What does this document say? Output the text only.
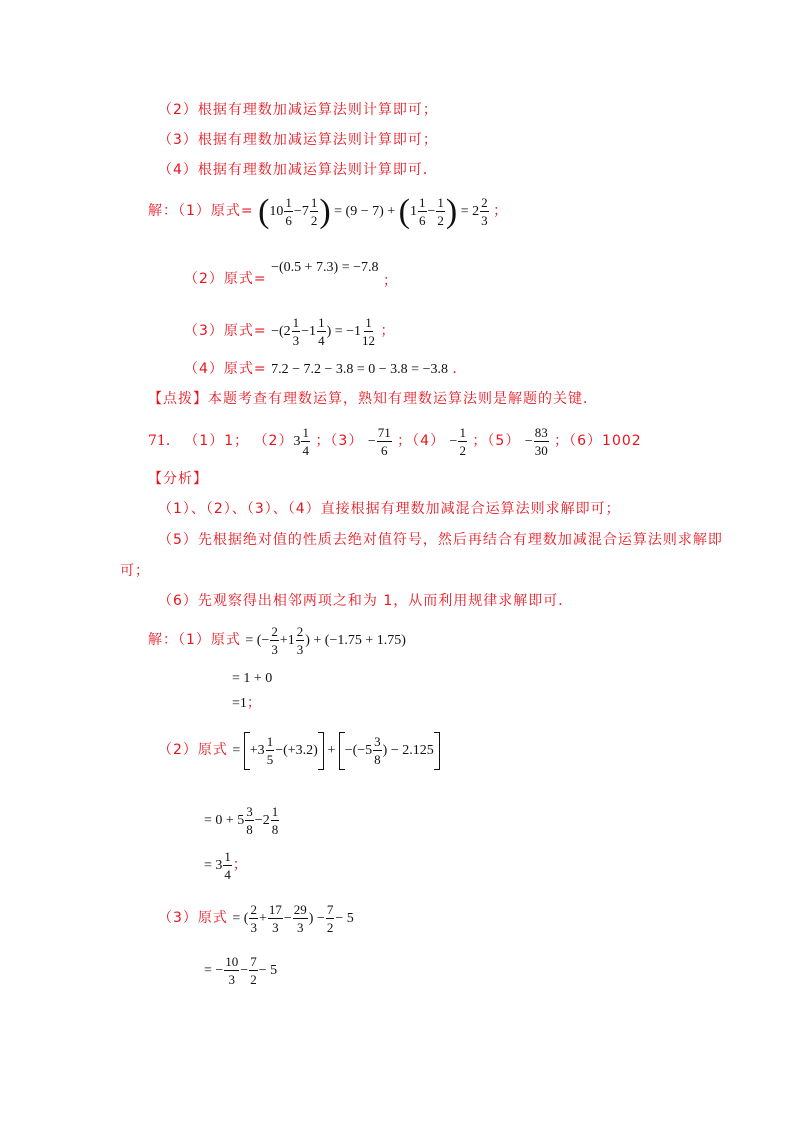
（2）根据有理数加减运算法则计算即可；
（3）根据有理数加减运算法则计算即可；
（4）根据有理数加减运算法则计算即可．
解：（1）原式= ($10 \frac{1}{6} -7 \frac{1}{2}$ ) = $(9 - 7) + (1 \frac{1}{6} - \frac{1}{2}$ ) = $2 \frac{2}{3}$ ；
（2）原式= −(0.5 + 7.3) = −7.8 ；
（3）原式= $-(2 \frac{1}{3} -1 \frac{1}{4}$ ) = $-1 \frac{1}{12}$ ；
（4）原式= 7.2 − 7.2 − 3.8 = 0 − 3.8 = −3.8 ．
【点拨】本题考查有理数运算，熟知有理数运算法则是解题的关键．
71． （1）1； $(2)3 \frac{1}{4}$ ；$(3) - \frac{71}{6}$ ；$(4) - \frac{1}{2}$ ；$(5) - \frac{83}{30}$ ；（6）1002
【分析】
（1）、（2）、（3）、（4）直接根据有理数加减混合运算法则求解即可；
（5）先根据绝对值的性质去绝对值符号，然后再结合有理数加减混合运算法则求解即
可；
（6）先观察得出相邻两项之和为 1，从而利用规律求解即可．
解：（1）原式 = (− $\frac{2}{3} +1 \frac{2}{3}$ ) + (−1.75 + 1.75)
= 1 + 0
=1；
（2）原式 = $+3 \frac{1}{5} -(+3.2) + -(-5 \frac{3}{8}$ ) − 2.125
= $0 + 5 \frac{3}{8} -2 \frac{1}{8}$
= $3 \frac{1}{4}$ ；
（3）原式 = ( $\frac{2}{3} + \frac{17}{3} - \frac{29}{3}$ ) − $\frac{7}{2} - 5$
= − $\frac{10}{3} - \frac{7}{2} - 5$
